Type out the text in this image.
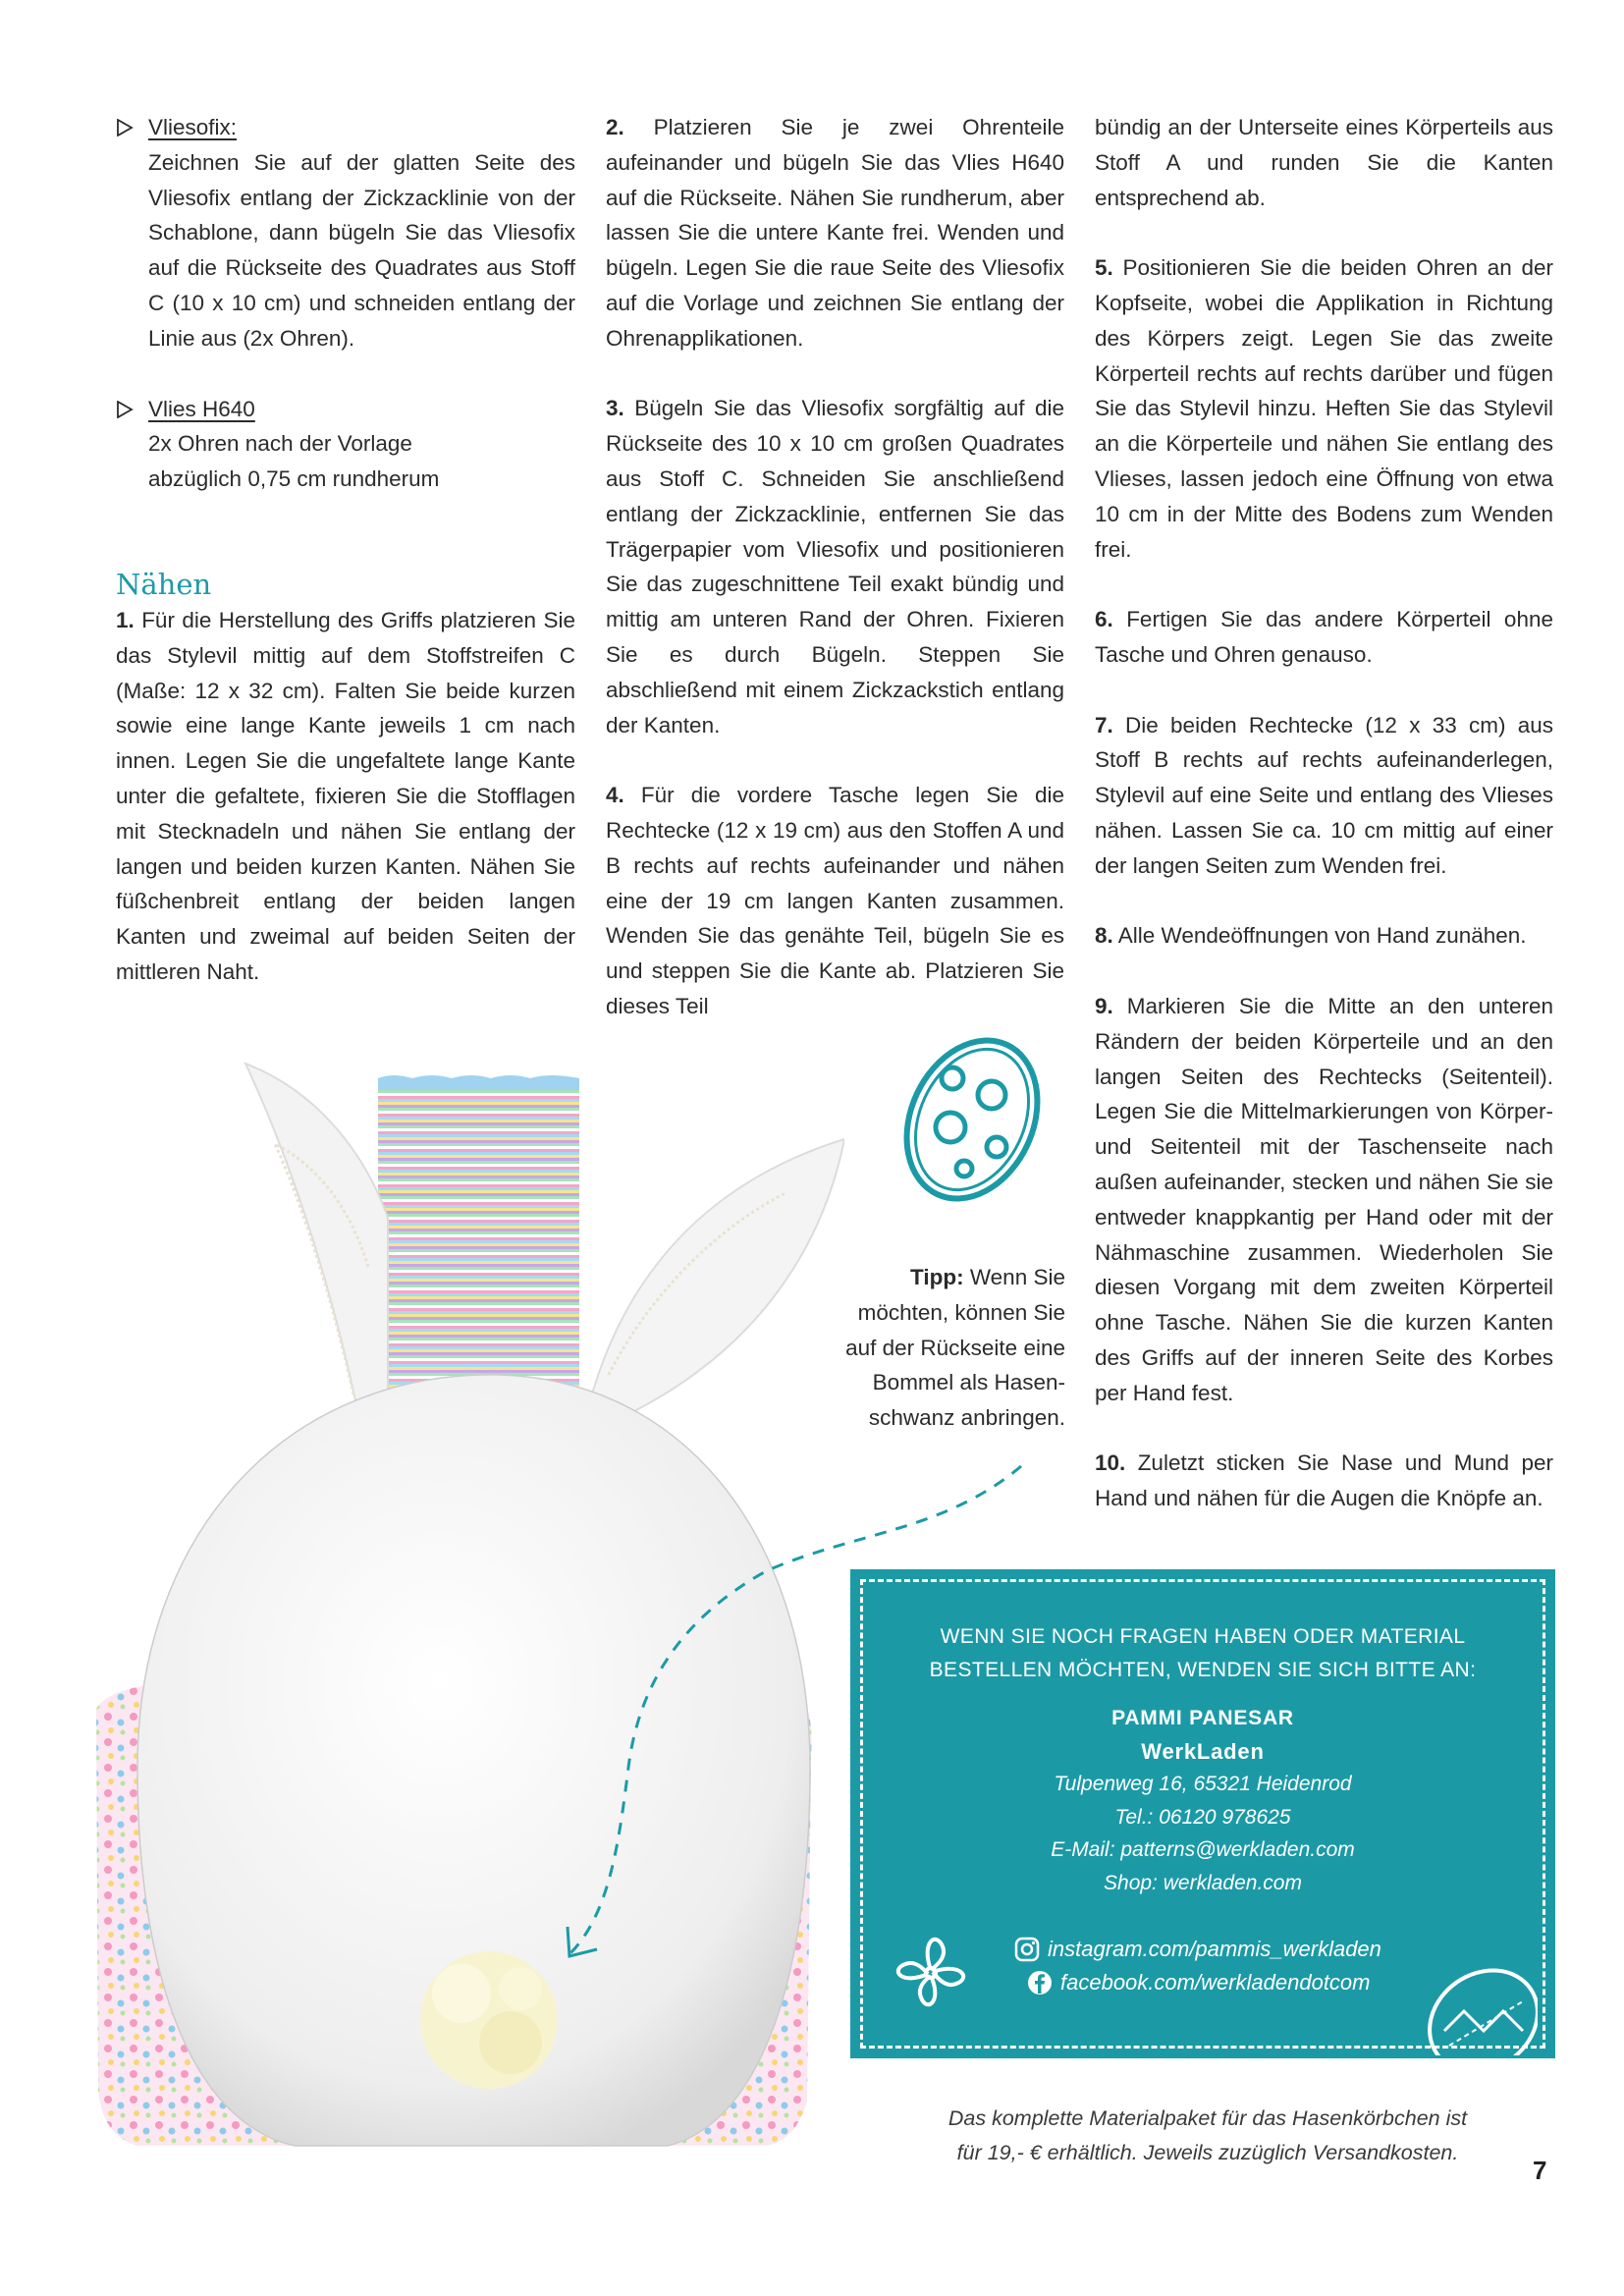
Vliesofix:

Zeichnen Sie auf der glatten Seite des Vliesofix entlang der Zickzacklinie von der Schablone, dann bügeln Sie das Vliesofix auf die Rückseite des Quadrates aus Stoff C (10 x 10 cm) und schneiden entlang der Linie aus (2x Ohren).

Vlies H640
2x Ohren nach der Vorlage
abzüglich 0,75 cm rundherum
Nähen

1. Für die Herstellung des Griffs platzieren Sie das Stylevil mittig auf dem Stoffstreifen C (Maße: 12 x 32 cm). Falten Sie beide kurzen sowie eine lange Kante jeweils 1 cm nach innen. Legen Sie die ungefaltete lange Kante unter die gefaltete, fixieren Sie die Stofflagen mit Stecknadeln und nähen Sie entlang der langen und beiden kurzen Kanten. Nähen Sie füßchenbreit entlang der beiden langen Kanten und zweimal auf beiden Seiten der mittleren Naht.

2. Platzieren Sie je zwei Ohrenteile aufeinander und bügeln Sie das Vlies H640 auf die Rückseite. Nähen Sie rundherum, aber lassen Sie die untere Kante frei. Wenden und bügeln. Legen Sie die raue Seite des Vliesofix auf die Vorlage und zeichnen Sie entlang der Ohrenapplikationen.

3. Bügeln Sie das Vliesofix sorgfältig auf die Rückseite des 10 x 10 cm großen Quadrates aus Stoff C. Schneiden Sie anschließend entlang der Zickzacklinie, entfernen Sie das Trägerpapier vom Vliesofix und positionieren Sie das zugeschnittene Teil exakt bündig und mittig am unteren Rand der Ohren. Fixieren Sie es durch Bügeln. Steppen Sie abschließend mit einem Zickzackstich entlang der Kanten.

4. Für die vordere Tasche legen Sie die Rechtecke (12 x 19 cm) aus den Stoffen A und B rechts auf rechts aufeinander und nähen eine der 19 cm langen Kanten zusammen. Wenden Sie das genähte Teil, bügeln Sie es und steppen Sie die Kante ab. Platzieren Sie dieses Teil

bündig an der Unterseite eines Körperteils aus Stoff A und runden Sie die Kanten entsprechend ab.

5. Positionieren Sie die beiden Ohren an der Kopfseite, wobei die Applikation in Richtung des Körpers zeigt. Legen Sie das zweite Körperteil rechts auf rechts darüber und fügen Sie das Stylevil hinzu. Heften Sie das Stylevil an die Körperteile und nähen Sie entlang des Vlieses, lassen jedoch eine Öffnung von etwa 10 cm in der Mitte des Bodens zum Wenden frei.

6. Fertigen Sie das andere Körperteil ohne Tasche und Ohren genauso.

7. Die beiden Rechtecke (12 x 33 cm) aus Stoff B rechts auf rechts aufeinanderlegen, Stylevil auf eine Seite und entlang des Vlieses nähen. Lassen Sie ca. 10 cm mittig auf einer der langen Seiten zum Wenden frei.

8. Alle Wendeöffnungen von Hand zunähen.

9. Markieren Sie die Mitte an den unteren Rändern der beiden Körperteile und an den langen Seiten des Rechtecks (Seitenteil). Legen Sie die Mittelmarkierungen von Körper- und Seitenteil mit der Taschenseite nach außen aufeinander, stecken und nähen Sie sie entweder knappkantig per Hand oder mit der Nähmaschine zusammen. Wiederholen Sie diesen Vorgang mit dem zweiten Körperteil ohne Tasche. Nähen Sie die kurzen Kanten des Griffs auf der inneren Seite des Korbes per Hand fest.

10. Zuletzt sticken Sie Nase und Mund per Hand und nähen für die Augen die Knöpfe an.

Tipp: Wenn Sie
möchten, können Sie
auf der Rückseite eine
Bommel als Hasen-
schwanz anbringen.
WENN SIE NOCH FRAGEN HABEN ODER MATERIAL
BESTELLEN MÖCHTEN, WENDEN SIE SICH BITTE AN:
PAMMI PANESAR
WerkLaden
Tulpenweg 16, 65321 Heidenrod
Tel.: 06120 978625
E-Mail: patterns@werkladen.com
Shop: werkladen.com
instagram.com/pammis_werkladen
facebook.com/werkladendotcom
Das komplette Materialpaket für das Hasenkörbchen ist
für 19,- € erhältlich. Jeweils zuzüglich Versandkosten.
7
